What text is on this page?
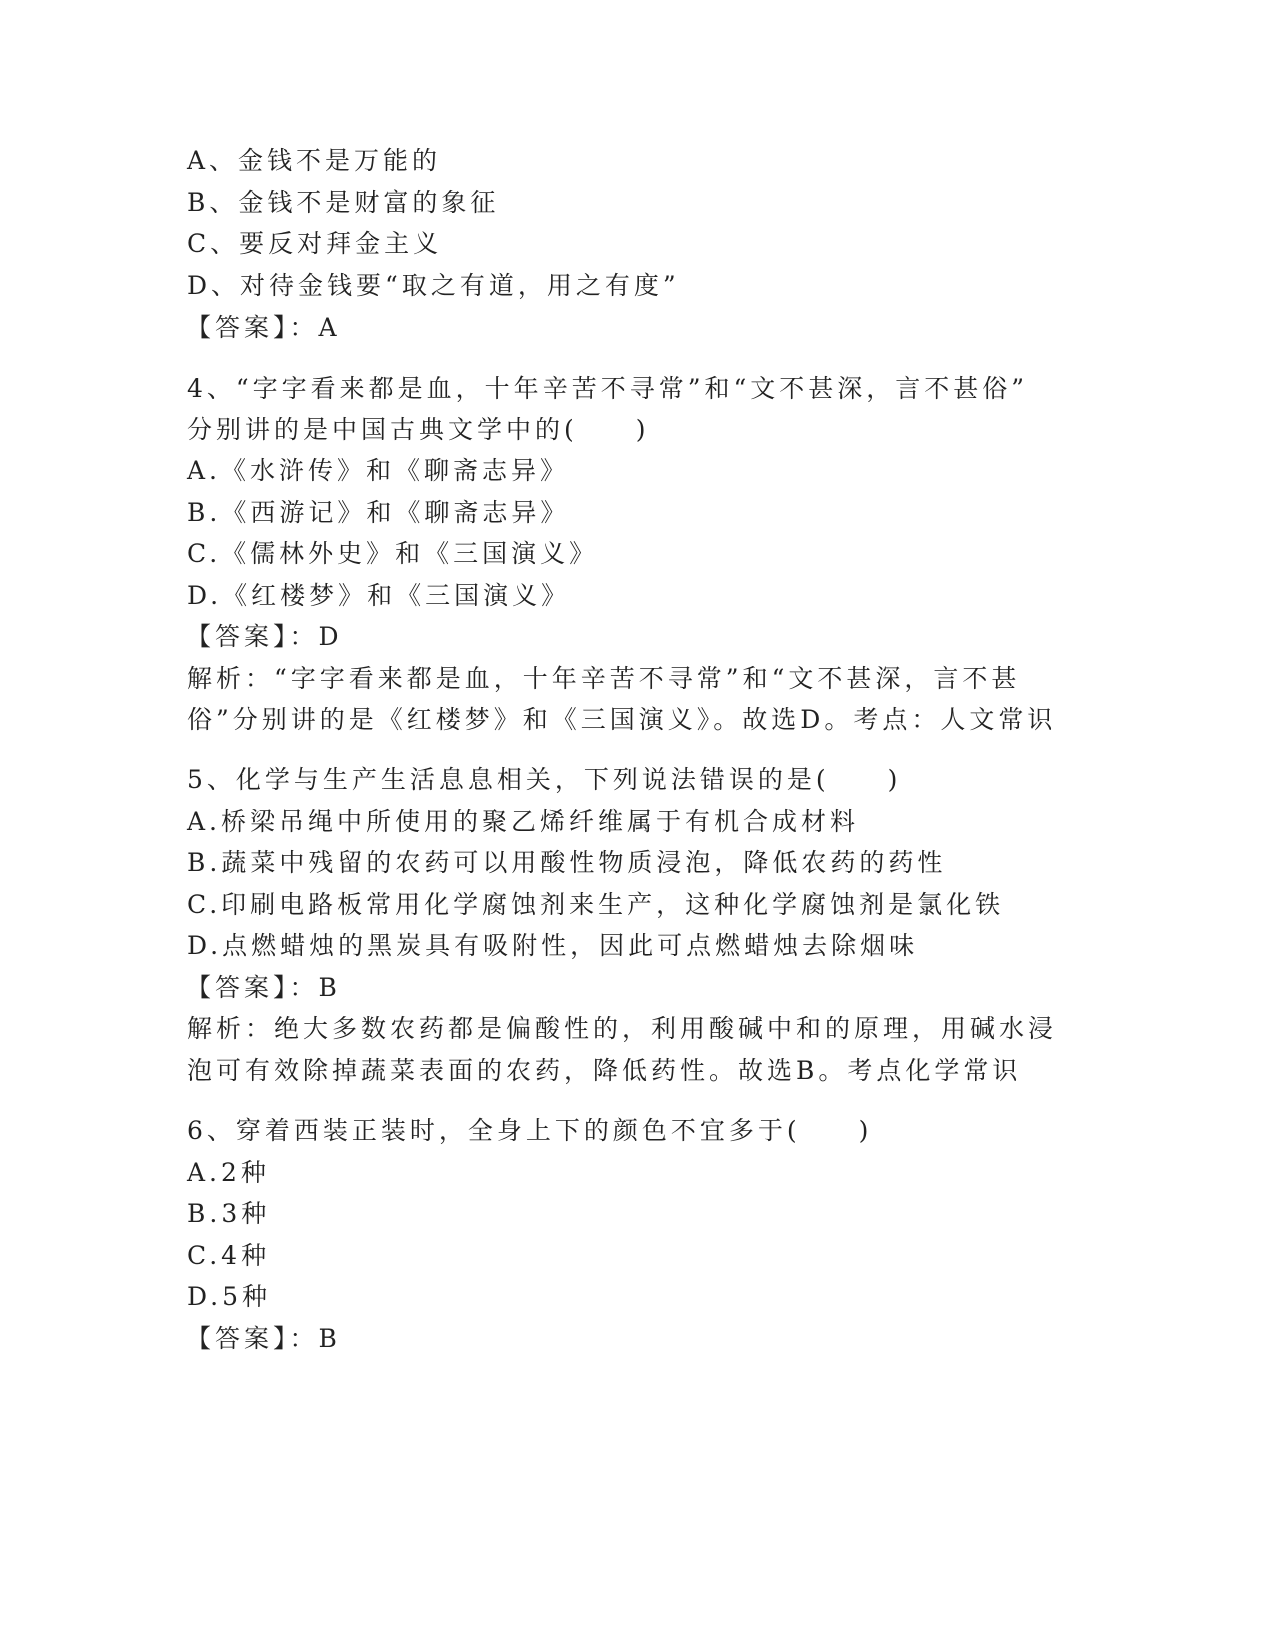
A、金钱不是万能的
B、金钱不是财富的象征
C、要反对拜金主义
D、对待金钱要“取之有道，用之有度”
【答案】：A
4、“字字看来都是血，十年辛苦不寻常”和“文不甚深，言不甚俗”
分别讲的是中国古典文学中的(　　)
A.《水浒传》和《聊斋志异》
B.《西游记》和《聊斋志异》
C.《儒林外史》和《三国演义》
D.《红楼梦》和《三国演义》
【答案】：D
解析：“字字看来都是血，十年辛苦不寻常”和“文不甚深，言不甚
俗”分别讲的是《红楼梦》和《三国演义》。故选D。考点：人文常识
5、化学与生产生活息息相关，下列说法错误的是(　　)
A.桥梁吊绳中所使用的聚乙烯纤维属于有机合成材料
B.蔬菜中残留的农药可以用酸性物质浸泡，降低农药的药性
C.印刷电路板常用化学腐蚀剂来生产，这种化学腐蚀剂是氯化铁
D.点燃蜡烛的黑炭具有吸附性，因此可点燃蜡烛去除烟味
【答案】：B
解析：绝大多数农药都是偏酸性的，利用酸碱中和的原理，用碱水浸
泡可有效除掉蔬菜表面的农药，降低药性。故选B。考点化学常识
6、穿着西装正装时，全身上下的颜色不宜多于(　　)
A.2种
B.3种
C.4种
D.5种
【答案】：B
